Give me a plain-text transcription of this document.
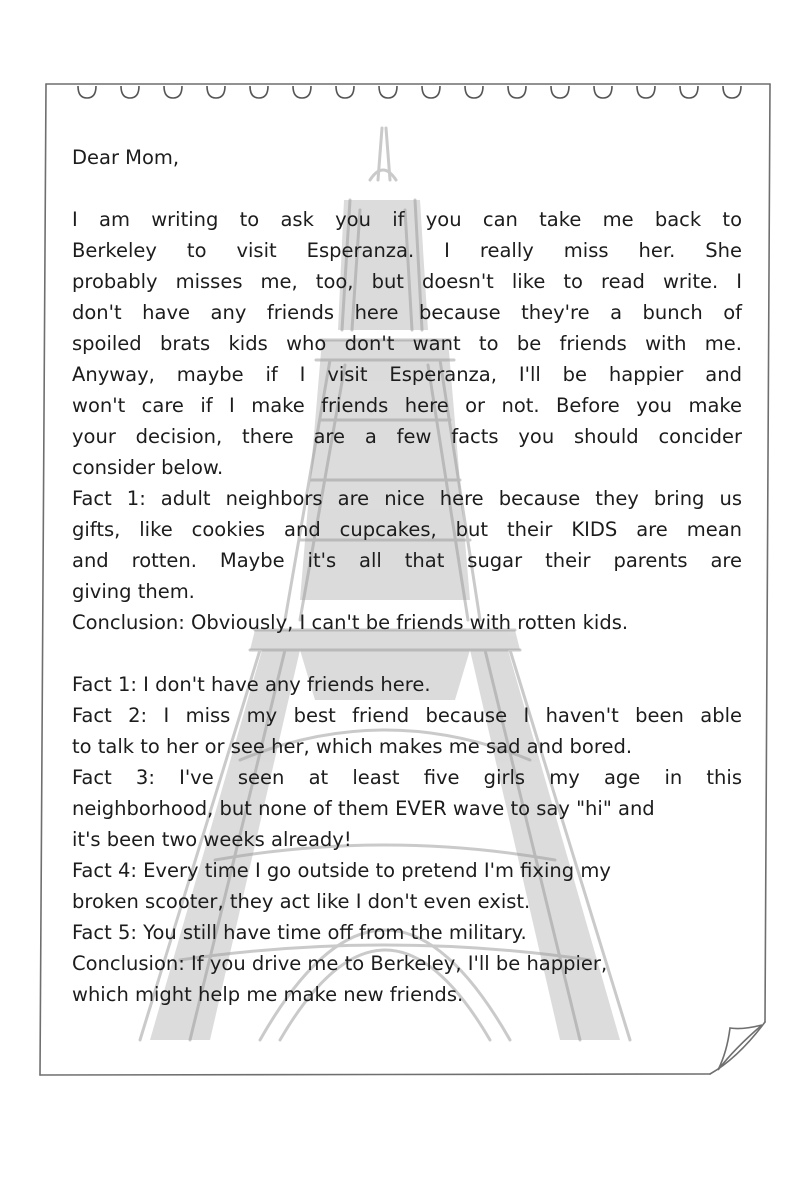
Dear Mom,
I am writing to ask you if you can take me back to
Berkeley to visit Esperanza. I really miss her. She
probably misses me, too, but doesn't like to read write. I
don't have any friends here because they're a bunch of
spoiled brats kids who don't want to be friends with me.
Anyway, maybe if I visit Esperanza, I'll be happier and
won't care if I make friends here or not. Before you make
your decision, there are a few facts you should concider
consider below.
Fact 1: adult neighbors are nice here because they bring us
gifts, like cookies and cupcakes, but their KIDS are mean
and rotten. Maybe it's all that sugar their parents are
giving them.
Conclusion: Obviously, I can't be friends with rotten kids.
Fact 1: I don't have any friends here.
Fact 2: I miss my best friend because I haven't been able
to talk to her or see her, which makes me sad and bored.
Fact 3: I've seen at least five girls my age in this
neighborhood, but none of them EVER wave to say "hi" and
it's been two weeks already!
Fact 4: Every time I go outside to pretend I'm fixing my
broken scooter, they act like I don't even exist.
Fact 5: You still have time off from the military.
Conclusion: If you drive me to Berkeley, I'll be happier,
which might help me make new friends.
